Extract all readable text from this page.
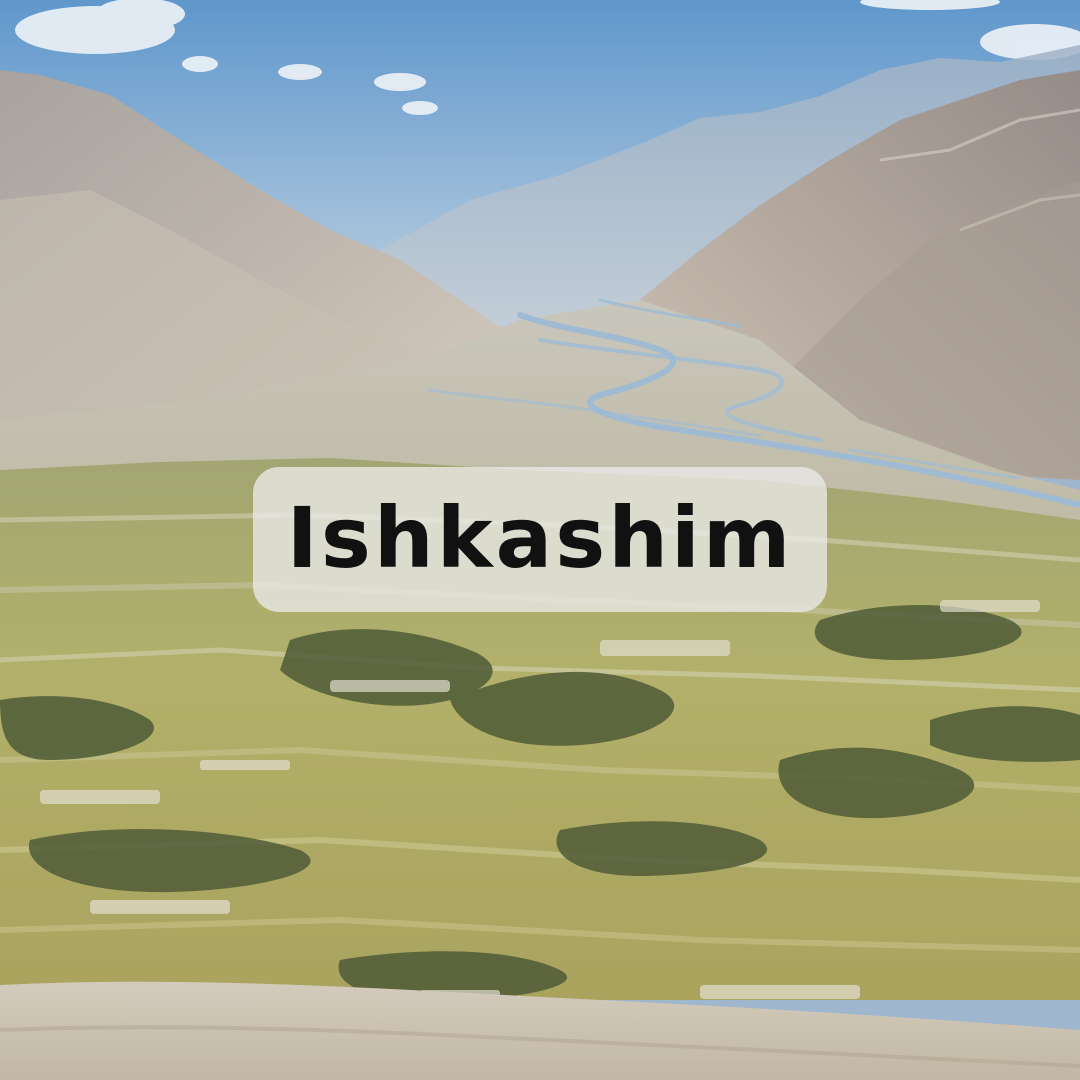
Ishkashim
